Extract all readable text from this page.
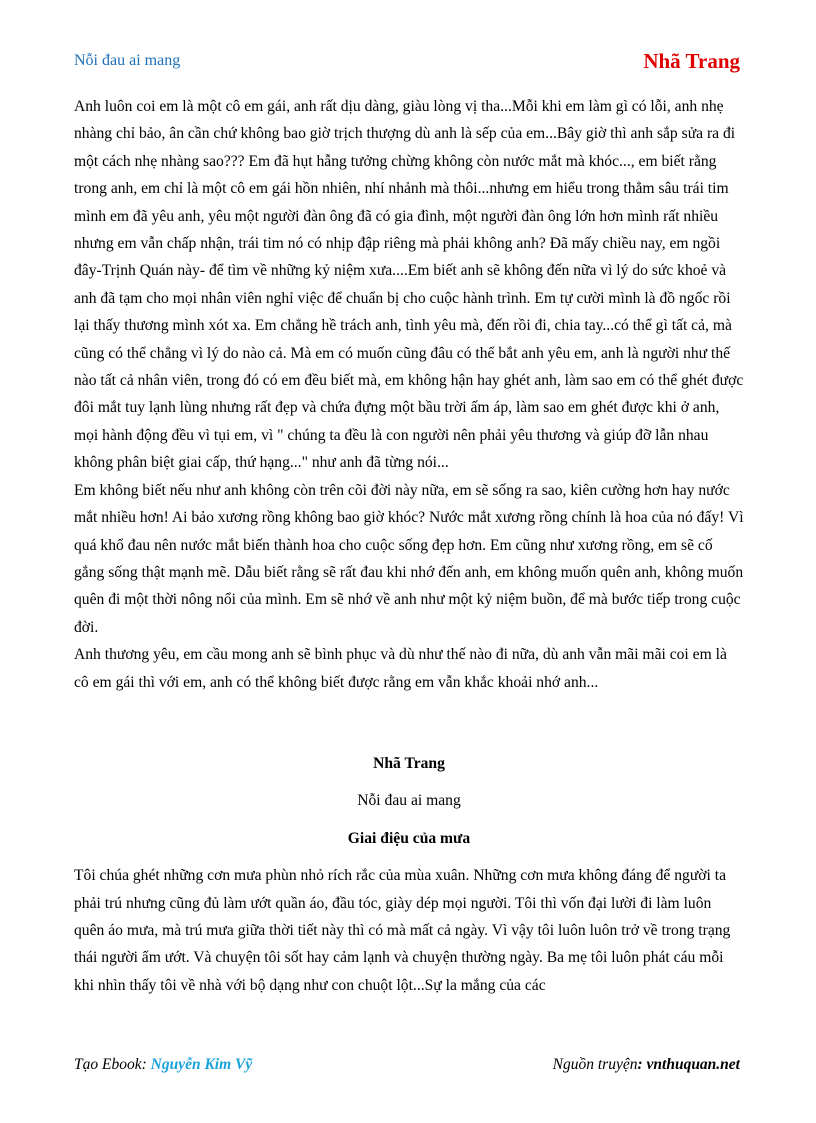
Nỗi đau ai mang	Nhã Trang

Anh luôn coi em là một cô em gái, anh rất dịu dàng, giàu lòng vị tha...Mỗi khi em làm gì có lỗi, anh nhẹ nhàng chỉ bảo, ân cần chứ không bao giờ trịch thượng dù anh là sếp của em...Bây giờ thì anh sắp sửa ra đi một cách nhẹ nhàng sao??? Em đã hụt hẫng tưởng chừng không còn nước mắt mà khóc..., em biết rằng trong anh, em chỉ là một cô em gái hồn nhiên, nhí nhảnh mà thôi...nhưng em hiểu trong thẳm sâu trái tim mình em đã yêu anh, yêu một người đàn ông đã có gia đình, một người đàn ông lớn hơn mình rất nhiều nhưng em vẫn chấp nhận, trái tim nó có nhịp đập riêng mà phải không anh? Đã mấy chiều nay, em ngồi đây-Trịnh Quán này- để tìm về những kỷ niệm xưa....Em biết anh sẽ không đến nữa vì lý do sức khoẻ và anh đã tạm cho mọi nhân viên nghỉ việc để chuẩn bị cho cuộc hành trình. Em tự cười mình là đồ ngốc rồi lại thấy thương mình xót xa. Em chẳng hề trách anh, tình yêu mà, đến rồi đi, chia tay...có thể gì tất cả, mà cũng có thể chẳng vì lý do nào cả. Mà em có muốn cũng đâu có thể bắt anh yêu em, anh là người như thế nào tất cả nhân viên, trong đó có em đều biết mà, em không hận hay ghét anh, làm sao em có thể ghét được đôi mắt tuy lạnh lùng nhưng rất đẹp và chứa đựng một bầu trời ấm áp, làm sao em ghét được khi ở anh, mọi hành động đều vì tụi em, vì " chúng ta đều là con người nên phải yêu thương và giúp đỡ lẫn nhau không phân biệt giai cấp, thứ hạng..." như anh đã từng nói...

Em không biết nếu như anh không còn trên cõi đời này nữa, em sẽ sống ra sao, kiên cường hơn hay nước mắt nhiều hơn! Ai bảo xương rồng không bao giờ khóc? Nước mắt xương rồng chính là hoa của nó đấy! Vì quá khổ đau nên nước mắt biến thành hoa cho cuộc sống đẹp hơn. Em cũng như xương rồng, em sẽ cố gắng sống thật mạnh mẽ. Dẫu biết rằng sẽ rất đau khi nhớ đến anh, em không muốn quên anh, không muốn quên đi một thời nông nổi của mình. Em sẽ nhớ về anh như một kỷ niệm buồn, để mà bước tiếp trong cuộc đời.

Anh thương yêu, em cầu mong anh sẽ bình phục và dù như thế nào đi nữa, dù anh vẫn mãi mãi coi em là cô em gái thì với em, anh có thể không biết được rằng em vẫn khắc khoải nhớ anh...

Nhã Trang

Nỗi đau ai mang

Giai điệu của mưa

Tôi chúa ghét những cơn mưa phùn nhỏ rích rắc của mùa xuân. Những cơn mưa không đáng để người ta phải trú nhưng cũng đủ làm ướt quần áo, đầu tóc, giày dép mọi người. Tôi thì vốn đại lười đi làm luôn quên áo mưa, mà trú mưa giữa thời tiết này thì có mà mất cả ngày. Vì vậy tôi luôn luôn trở về trong trạng thái người ẩm ướt. Và chuyện tôi sốt hay cảm lạnh và chuyện thường ngày. Ba mẹ tôi luôn phát cáu mỗi khi nhìn thấy tôi về nhà với bộ dạng như con chuột lột...Sự la mắng của các

Tạo Ebook: Nguyễn Kim Vỹ	Nguồn truyện: vnthuquan.net
